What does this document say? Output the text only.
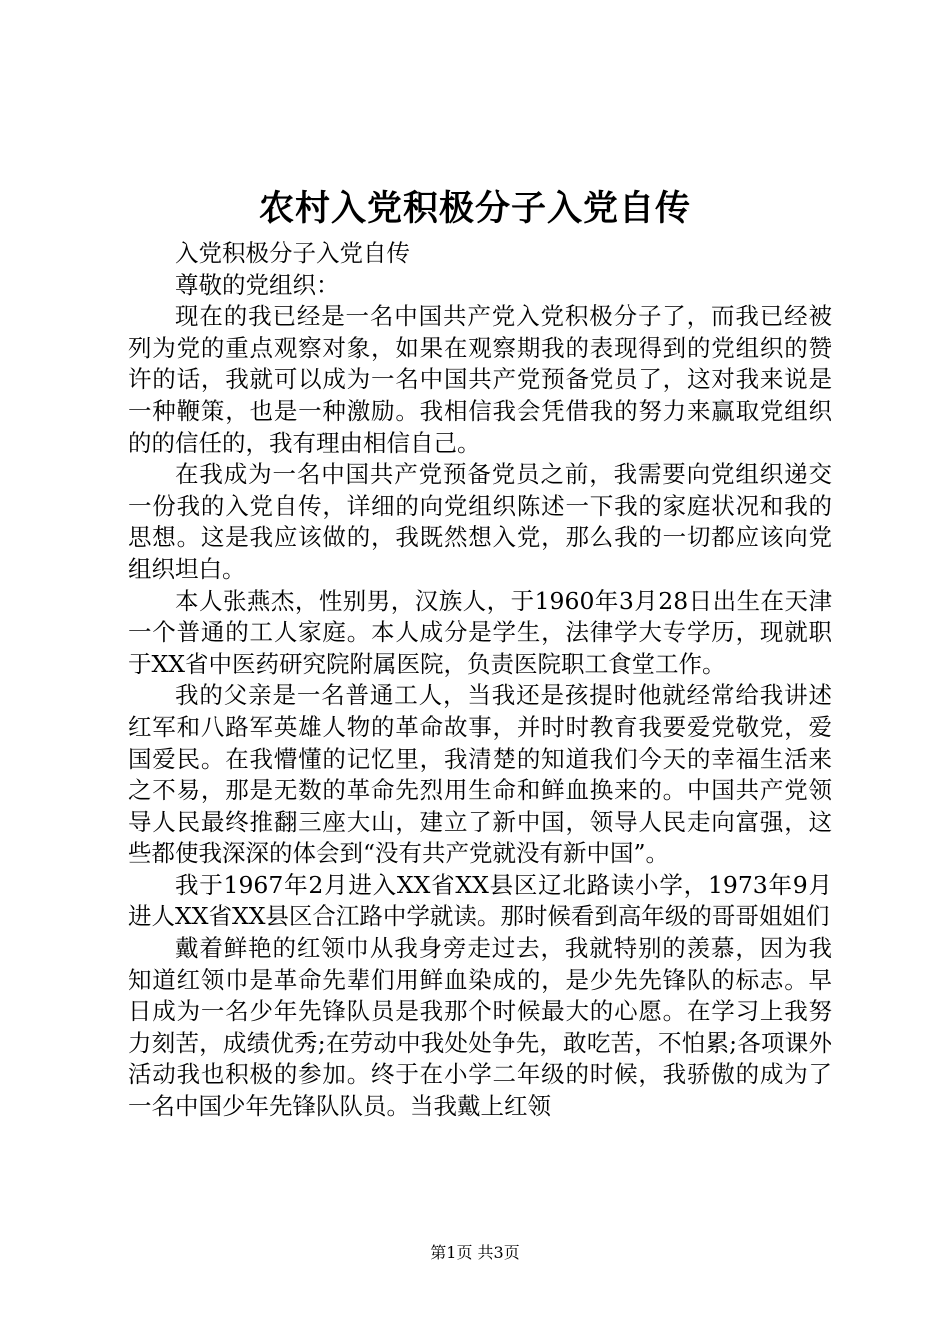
农村入党积极分子入党自传

入党积极分子入党自传

尊敬的党组织：

现在的我已经是一名中国共产党入党积极分子了，而我已经被列为党的重点观察对象，如果在观察期我的表现得到的党组织的赞许的话，我就可以成为一名中国共产党预备党员了，这对我来说是一种鞭策，也是一种激励。我相信我会凭借我的努力来赢取党组织的的信任的，我有理由相信自己。

在我成为一名中国共产党预备党员之前，我需要向党组织递交一份我的入党自传，详细的向党组织陈述一下我的家庭状况和我的思想。这是我应该做的，我既然想入党，那么我的一切都应该向党组织坦白。

本人张燕杰，性别男，汉族人，于1960年3月28日出生在天津一个普通的工人家庭。本人成分是学生，法律学大专学历，现就职于XX省中医药研究院附属医院，负责医院职工食堂工作。

我的父亲是一名普通工人，当我还是孩提时他就经常给我讲述红军和八路军英雄人物的革命故事，并时时教育我要爱党敬党，爱国爱民。在我懵懂的记忆里，我清楚的知道我们今天的幸福生活来之不易，那是无数的革命先烈用生命和鲜血换来的。中国共产党领导人民最终推翻三座大山，建立了新中国，领导人民走向富强，这些都使我深深的体会到“没有共产党就没有新中国”。

我于1967年2月进入XX省XX县区辽北路读小学，1973年9月进人XX省XX县区合江路中学就读。那时候看到高年级的哥哥姐姐们

戴着鲜艳的红领巾从我身旁走过去，我就特别的羡慕，因为我知道红领巾是革命先辈们用鲜血染成的，是少先先锋队的标志。早日成为一名少年先锋队员是我那个时候最大的心愿。在学习上我努力刻苦，成绩优秀;在劳动中我处处争先，敢吃苦，不怕累;各项课外活动我也积极的参加。终于在小学二年级的时候，我骄傲的成为了一名中国少年先锋队队员。当我戴上红领

第1页 共3页
